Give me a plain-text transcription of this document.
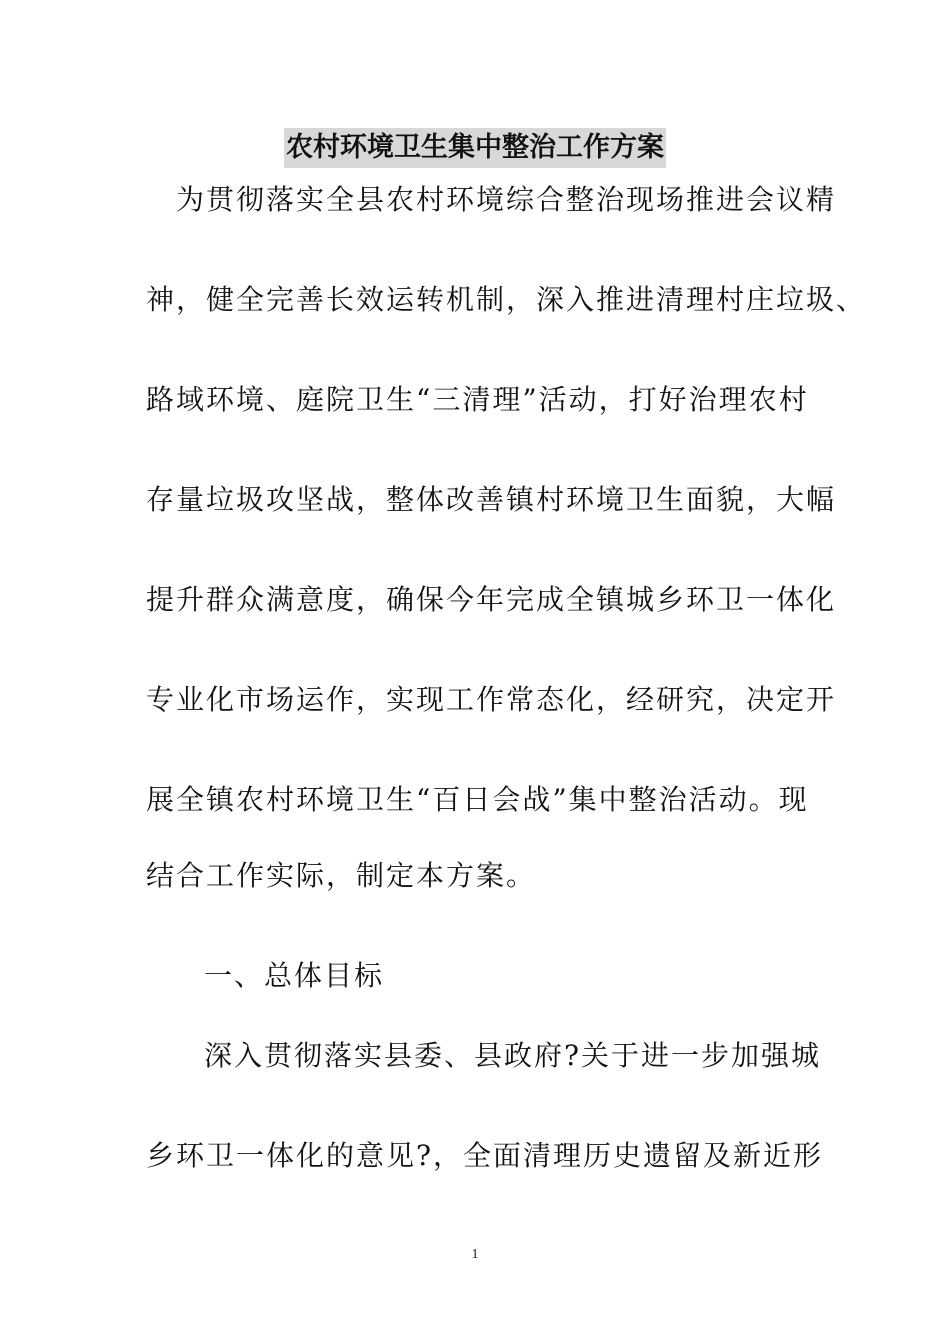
农村环境卫生集中整治工作方案
为贯彻落实全县农村环境综合整治现场推进会议精
神，健全完善长效运转机制，深入推进清理村庄垃圾、
路域环境、庭院卫生“三清理”活动，打好治理农村
存量垃圾攻坚战，整体改善镇村环境卫生面貌，大幅
提升群众满意度，确保今年完成全镇城乡环卫一体化
专业化市场运作，实现工作常态化，经研究，决定开
展全镇农村环境卫生“百日会战”集中整治活动。现
结合工作实际，制定本方案。
一、总体目标
深入贯彻落实县委、县政府?关于进一步加强城
乡环卫一体化的意见?，全面清理历史遗留及新近形
1
